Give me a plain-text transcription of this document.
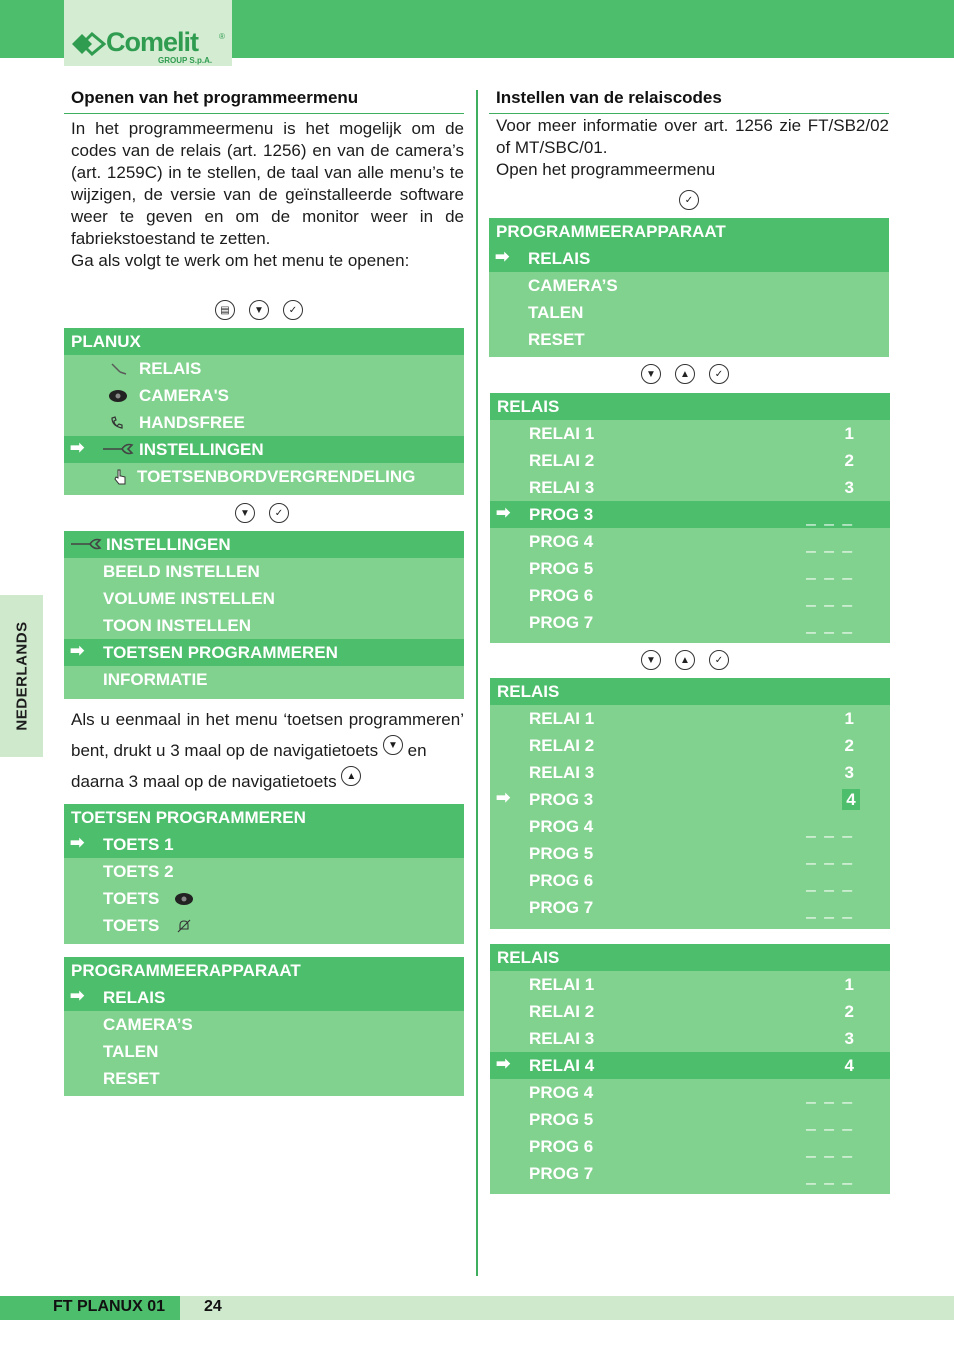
Comelit	®
GROUP S.p.A.
NEDERLANDS
Openen van het programmeermenu

In het programmeermenu is het mogelijk om de codes van de relais (art. 1256) en van de camera’s (art. 1259C) in te stellen, de taal van alle menu’s te wijzigen, de versie van de geïnstalleerde software weer te geven en om de monitor weer in de fabriekstoestand te zetten.

Ga als volgt te werk om het menu te openen:

▤	▼	✓
PLANUX
RELAIS
CAMERA'S
HANDSFREE
➡	INSTELLINGEN
TOETSENBORDVERGRENDELING
▼	✓
INSTELLINGEN
BEELD INSTELLEN
VOLUME INSTELLEN
TOON INSTELLEN
➡ TOETSEN PROGRAMMEREN
INFORMATIE
Als u eenmaal in het menu ‘toetsen programmeren’ bent, drukt u 3 maal op de navigatietoets ▼ en
daarna 3 maal op de navigatietoets ▲
TOETSEN PROGRAMMEREN
➡ TOETS 1
TOETS 2
TOETS
TOETS
PROGRAMMEERAPPARAAT
➡ RELAIS
CAMERA’S
TALEN
RESET
Instellen van de relaiscodes

Voor meer informatie over art. 1256 zie FT/SB2/02 of MT/SBC/01.

Open het programmeermenu

✓
PROGRAMMEERAPPARAAT
➡ RELAIS
CAMERA’S
TALEN
RESET
▼	▲	✓
RELAIS
RELAI 1	1
RELAI 2	2
RELAI 3	3
➡ PROG 3	_ _ _
PROG 4	_ _ _
PROG 5	_ _ _
PROG 6	_ _ _
PROG 7	_ _ _
▼	▲	✓
RELAIS
RELAI 1	1
RELAI 2	2
RELAI 3	3
➡ PROG 3	4
PROG 4	_ _ _
PROG 5	_ _ _
PROG 6	_ _ _
PROG 7	_ _ _
RELAIS
RELAI 1	1
RELAI 2	2
RELAI 3	3
➡ RELAI 4	4
PROG 4	_ _ _
PROG 5	_ _ _
PROG 6	_ _ _
PROG 7	_ _ _
FT PLANUX 01 24
